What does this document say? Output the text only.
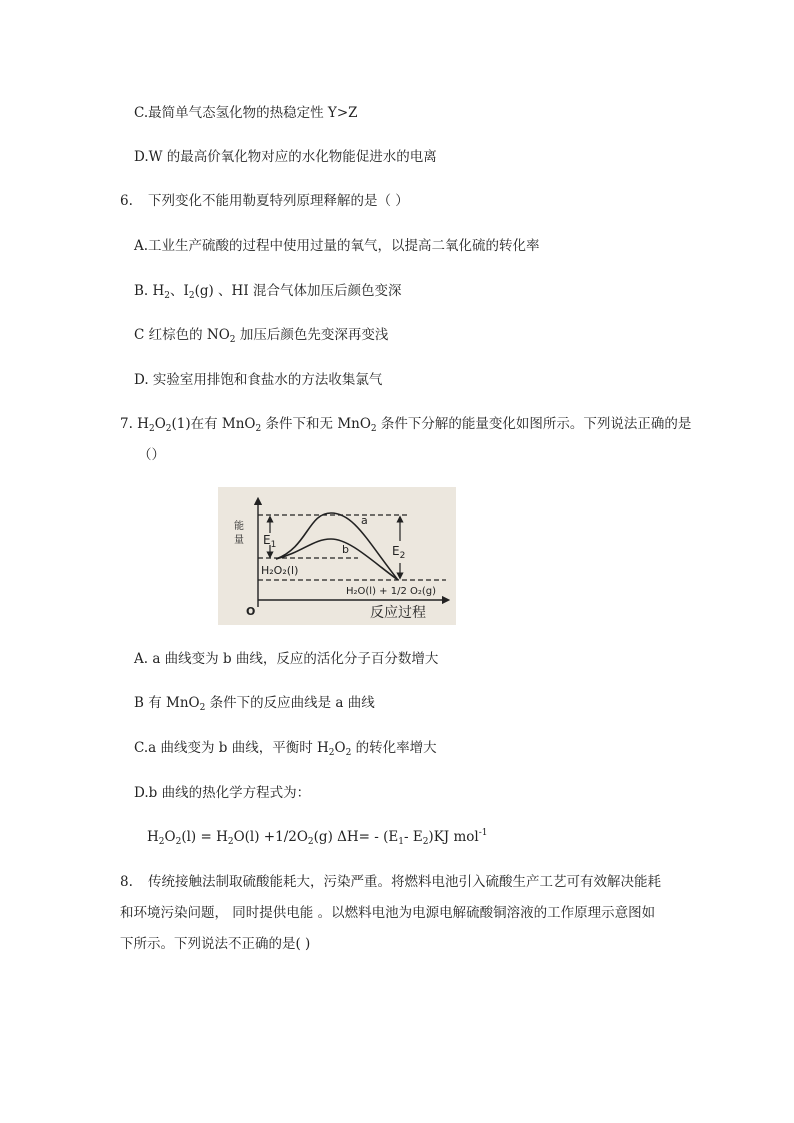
C.最简单气态氢化物的热稳定性 Y>Z
D.W 的最高价氧化物对应的水化物能促进水的电离
6. 下列变化不能用勒夏特列原理释解的是（ ）
A.工业生产硫酸的过程中使用过量的氧气，以提高二氧化硫的转化率
B. $H_2$、$I_2(g)$ 、HI 混合气体加压后颜色变深
C 红棕色的 $NO_2$ 加压后颜色先变深再变浅
D. 实验室用排饱和食盐水的方法收集氯气
7. $H_2O_2(1)$在有 MnO$_2$ 条件下和无 MnO$_2$ 条件下分解的能量变化如图所示。下列说法正确的是
（）
能
量
O
a
b
$E_1$	$E_2$
H₂O₂(l)
H₂O(l) + 1/2 O₂(g)
反应过程
A. a 曲线变为 b 曲线，反应的活化分子百分数增大
B 有 MnO$_2$ 条件下的反应曲线是 a 曲线
C.a 曲线变为 b 曲线，平衡时 $H_2O_2$ 的转化率增大
D.b 曲线的热化学方程式为：
$H_2O_2(l) = H_2O(l) +1/2O_2(g)$ $\Delta H= - (E_1-$ $E_2)KJ$ mol$^{-1}$
8. 传统接触法制取硫酸能耗大，污染严重。将燃料电池引入硫酸生产工艺可有效解决能耗
和环境污染问题， 同时提供电能 。以燃料电池为电源电解硫酸铜溶液的工作原理示意图如
下所示。下列说法不正确的是( )
